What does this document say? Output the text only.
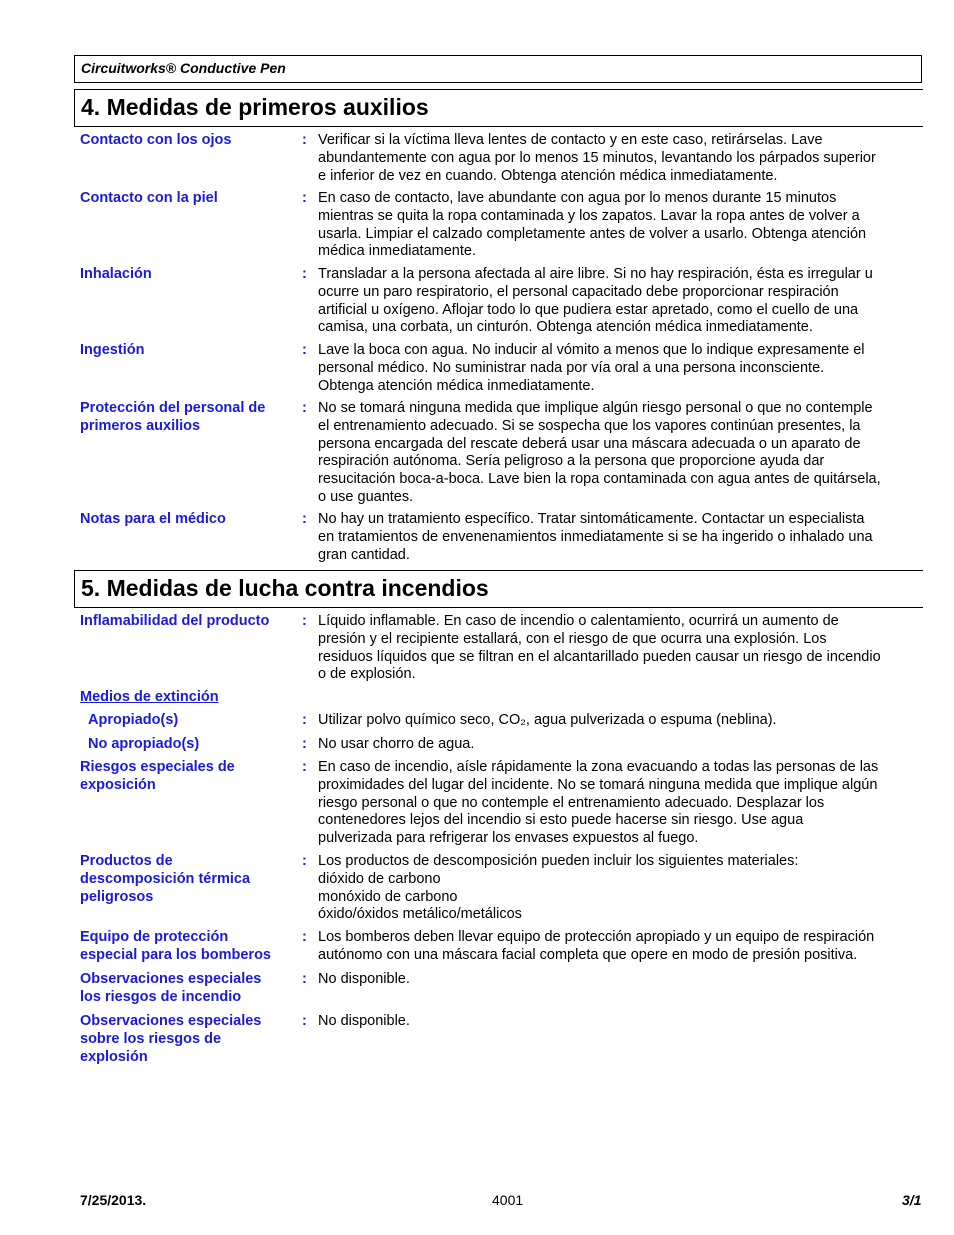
Circuitworks® Conductive Pen
4. Medidas de primeros auxilios
5. Medidas de lucha contra incendios
Contacto con los ojos	: Verificar si la víctima lleva lentes de contacto y en este caso, retirárselas. Lave
abundantemente con agua por lo menos 15 minutos, levantando los párpados superior
e inferior de vez en cuando. Obtenga atención médica inmediatamente.
Contacto con la piel	: En caso de contacto, lave abundante con agua por lo menos durante 15 minutos
mientras se quita la ropa contaminada y los zapatos. Lavar la ropa antes de volver a
usarla. Limpiar el calzado completamente antes de volver a usarlo. Obtenga atención
médica inmediatamente.
Inhalación	: Transladar a la persona afectada al aire libre. Si no hay respiración, ésta es irregular u
ocurre un paro respiratorio, el personal capacitado debe proporcionar respiración
artificial u oxígeno. Aflojar todo lo que pudiera estar apretado, como el cuello de una
camisa, una corbata, un cinturón. Obtenga atención médica inmediatamente.
Ingestión	: Lave la boca con agua. No inducir al vómito a menos que lo indique expresamente el
personal médico. No suministrar nada por vía oral a una persona inconsciente.
Obtenga atención médica inmediatamente.
Protección del personal de
primeros auxilios
: No se tomará ninguna medida que implique algún riesgo personal o que no contemple
el entrenamiento adecuado. Si se sospecha que los vapores continúan presentes, la
persona encargada del rescate deberá usar una máscara adecuada o un aparato de
respiración autónoma. Sería peligroso a la persona que proporcione ayuda dar
resucitación boca-a-boca. Lave bien la ropa contaminada con agua antes de quitársela,
o use guantes.
Notas para el médico	: No hay un tratamiento específico. Tratar sintomáticamente. Contactar un especialista
en tratamientos de envenenamientos inmediatamente si se ha ingerido o inhalado una
gran cantidad.
Inflamabilidad del producto	: Líquido inflamable. En caso de incendio o calentamiento, ocurrirá un aumento de
presión y el recipiente estallará, con el riesgo de que ocurra una explosión. Los
residuos líquidos que se filtran en el alcantarillado pueden causar un riesgo de incendio
o de explosión.
Medios de extinción
Apropiado(s)	: Utilizar polvo químico seco, CO₂, agua pulverizada o espuma (neblina).
No apropiado(s)	: No usar chorro de agua.
Riesgos especiales de
exposición
: En caso de incendio, aísle rápidamente la zona evacuando a todas las personas de las
proximidades del lugar del incidente. No se tomará ninguna medida que implique algún
riesgo personal o que no contemple el entrenamiento adecuado. Desplazar los
contenedores lejos del incendio si esto puede hacerse sin riesgo. Use agua
pulverizada para refrigerar los envases expuestos al fuego.
Productos de
descomposición térmica
peligrosos
: Los productos de descomposición pueden incluir los siguientes materiales:
dióxido de carbono
monóxido de carbono
óxido/óxidos metálico/metálicos
Equipo de protección
especial para los bomberos
: Los bomberos deben llevar equipo de protección apropiado y un equipo de respiración
autónomo con una máscara facial completa que opere en modo de presión positiva.
Observaciones especiales
los riesgos de incendio
: No disponible.
Observaciones especiales
sobre los riesgos de
explosión
: No disponible.
7/25/2013.	4001	3/1
